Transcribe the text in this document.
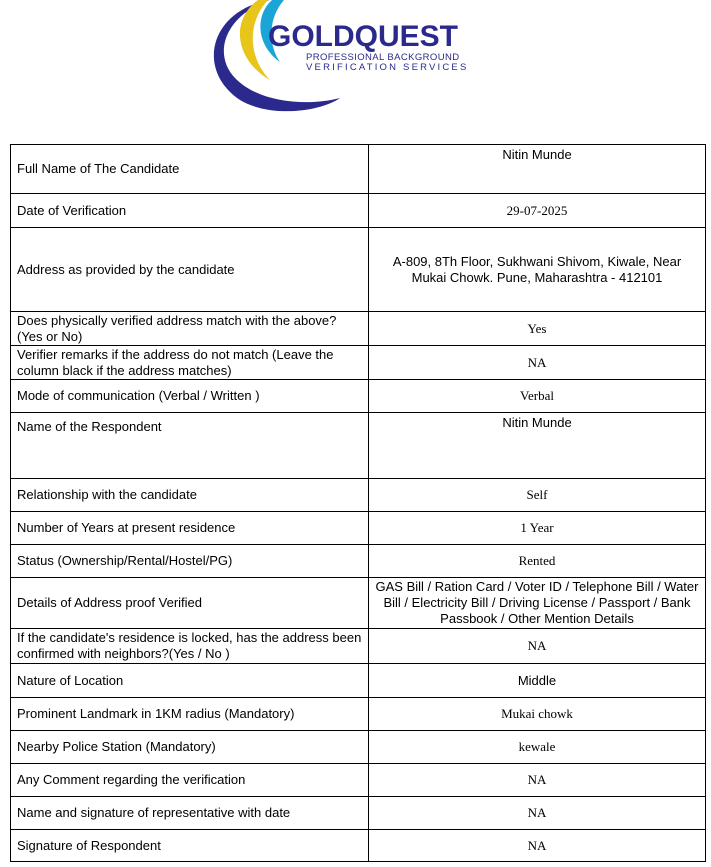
GOLDQUEST
PROFESSIONAL BACKGROUND
VERIFICATION SERVICES
Full Name of The Candidate	Nitin Munde
Date of Verification	29-07-2025
Address as provided by the candidate	A-809, 8Th Floor, Sukhwani Shivom, Kiwale, Near Mukai Chowk. Pune, Maharashtra - 412101
Does physically verified address match with the above? (Yes or No)	Yes
Verifier remarks if the address do not match (Leave the column black if the address matches)	NA
Mode of communication (Verbal / Written )	Verbal
Name of the Respondent	Nitin Munde
Relationship with the candidate	Self
Number of Years at present residence	1 Year
Status (Ownership/Rental/Hostel/PG)	Rented
Details of Address proof Verified	GAS Bill / Ration Card / Voter ID / Telephone Bill / Water Bill / Electricity Bill / Driving License / Passport / Bank Passbook / Other Mention Details
If the candidate's residence is locked, has the address been confirmed with neighbors?(Yes / No )	NA
Nature of Location	Middle
Prominent Landmark in 1KM radius (Mandatory)	Mukai chowk
Nearby Police Station (Mandatory)	kewale
Any Comment regarding the verification	NA
Name and signature of representative with date	NA
Signature of Respondent	NA
